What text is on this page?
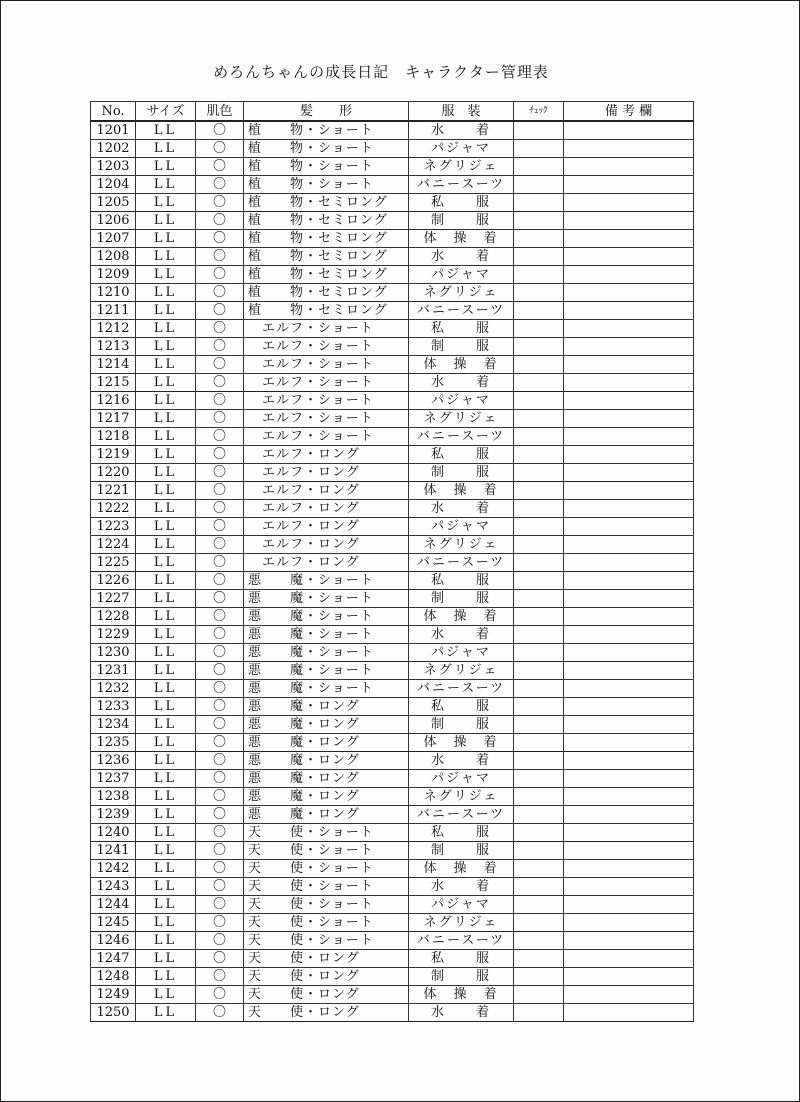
めろんちゃんの成長日記　キャラクター管理表
No.	サイズ	肌色	髪　　形	服　装	ﾁｪｯｸ	備 考 欄
1201	LL	〇	植　　物・ショート	水　　着		
1202	LL	〇	植　　物・ショート	パジャマ		
1203	LL	〇	植　　物・ショート	ネグリジェ		
1204	LL	〇	植　　物・ショート	バニースーツ		
1205	LL	〇	植　　物・セミロング	私　　服		
1206	LL	〇	植　　物・セミロング	制　　服		
1207	LL	〇	植　　物・セミロング	体　操　着		
1208	LL	〇	植　　物・セミロング	水　　着		
1209	LL	〇	植　　物・セミロング	パジャマ		
1210	LL	〇	植　　物・セミロング	ネグリジェ		
1211	LL	〇	植　　物・セミロング	バニースーツ		
1212	LL	〇	　エルフ・ショート	私　　服		
1213	LL	〇	　エルフ・ショート	制　　服		
1214	LL	〇	　エルフ・ショート	体　操　着		
1215	LL	〇	　エルフ・ショート	水　　着		
1216	LL	〇	　エルフ・ショート	パジャマ		
1217	LL	〇	　エルフ・ショート	ネグリジェ		
1218	LL	〇	　エルフ・ショート	バニースーツ		
1219	LL	〇	　エルフ・ロング	私　　服		
1220	LL	〇	　エルフ・ロング	制　　服		
1221	LL	〇	　エルフ・ロング	体　操　着		
1222	LL	〇	　エルフ・ロング	水　　着		
1223	LL	〇	　エルフ・ロング	パジャマ		
1224	LL	〇	　エルフ・ロング	ネグリジェ		
1225	LL	〇	　エルフ・ロング	バニースーツ		
1226	LL	〇	悪　　魔・ショート	私　　服		
1227	LL	〇	悪　　魔・ショート	制　　服		
1228	LL	〇	悪　　魔・ショート	体　操　着		
1229	LL	〇	悪　　魔・ショート	水　　着		
1230	LL	〇	悪　　魔・ショート	パジャマ		
1231	LL	〇	悪　　魔・ショート	ネグリジェ		
1232	LL	〇	悪　　魔・ショート	バニースーツ		
1233	LL	〇	悪　　魔・ロング	私　　服		
1234	LL	〇	悪　　魔・ロング	制　　服		
1235	LL	〇	悪　　魔・ロング	体　操　着		
1236	LL	〇	悪　　魔・ロング	水　　着		
1237	LL	〇	悪　　魔・ロング	パジャマ		
1238	LL	〇	悪　　魔・ロング	ネグリジェ		
1239	LL	〇	悪　　魔・ロング	バニースーツ		
1240	LL	〇	天　　使・ショート	私　　服		
1241	LL	〇	天　　使・ショート	制　　服		
1242	LL	〇	天　　使・ショート	体　操　着		
1243	LL	〇	天　　使・ショート	水　　着		
1244	LL	〇	天　　使・ショート	パジャマ		
1245	LL	〇	天　　使・ショート	ネグリジェ		
1246	LL	〇	天　　使・ショート	バニースーツ		
1247	LL	〇	天　　使・ロング	私　　服		
1248	LL	〇	天　　使・ロング	制　　服		
1249	LL	〇	天　　使・ロング	体　操　着		
1250	LL	〇	天　　使・ロング	水　　着		
